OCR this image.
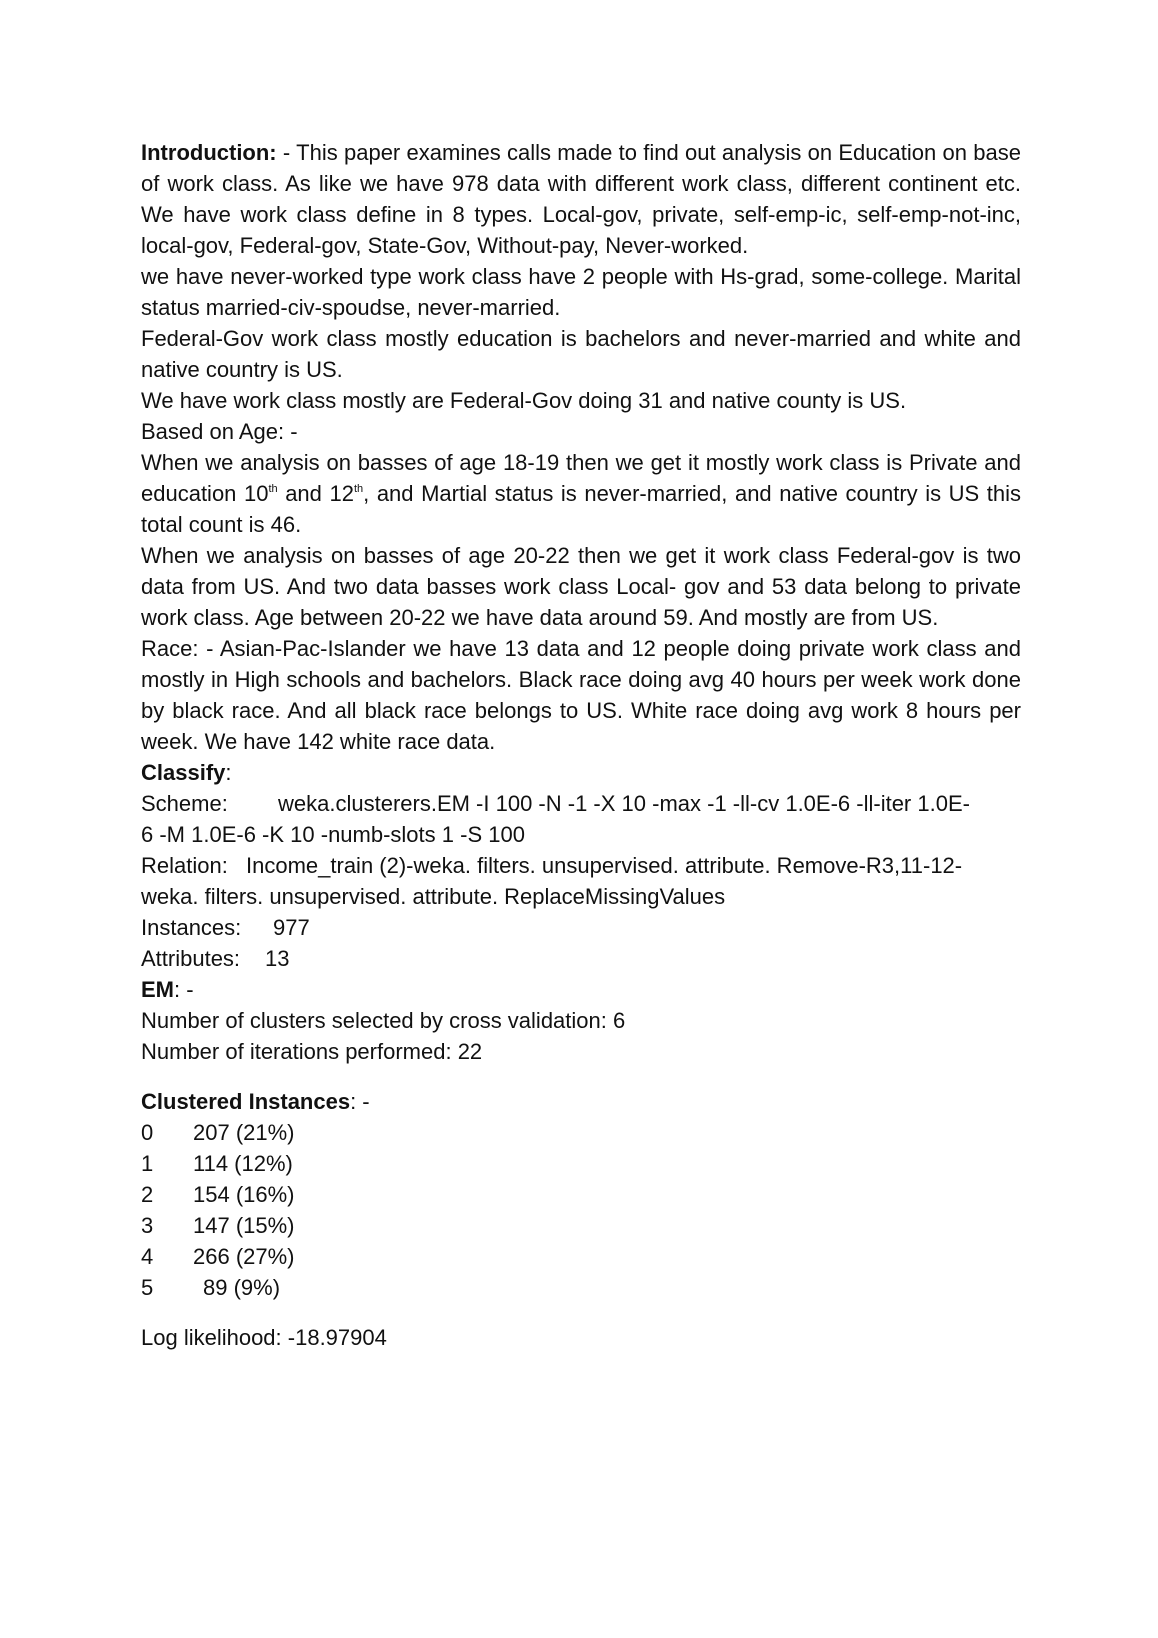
Introduction: - This paper examines calls made to find out analysis on Education on base of work class. As like we have 978 data with different work class, different continent etc. We have work class define in 8 types. Local-gov, private, self-emp-ic, self-emp-not-inc, local-gov, Federal-gov, State-Gov, Without-pay, Never-worked.

we have never-worked type work class have 2 people with Hs-grad, some-college. Marital status married-civ-spoudse, never-married.

Federal-Gov work class mostly education is bachelors and never-married and white and native country is US.

We have work class mostly are Federal-Gov doing 31 and native county is US.

Based on Age: -

When we analysis on basses of age 18-19 then we get it mostly work class is Private and education 10th and 12th, and Martial status is never-married, and native country is US this total count is 46.

When we analysis on basses of age 20-22 then we get it work class Federal-gov is two data from US. And two data basses work class Local- gov and 53 data belong to private work class. Age between 20-22 we have data around 59. And mostly are from US.

Race: - Asian-Pac-Islander we have 13 data and 12 people doing private work class and mostly in High schools and bachelors. Black race doing avg 40 hours per week work done by black race. And all black race belongs to US. White race doing avg work 8 hours per week. We have 142 white race data.

Classify:

Scheme: weka.clusterers.EM -I 100 -N -1 -X 10 -max -1 -ll-cv 1.0E-6 -ll-iter 1.0E-

6 -M 1.0E-6 -K 10 -numb-slots 1 -S 100

Relation: Income_train (2)-weka. filters. unsupervised. attribute. Remove-R3,11-12-

weka. filters. unsupervised. attribute. ReplaceMissingValues

Instances: 977

Attributes: 13

EM: -

Number of clusters selected by cross validation: 6

Number of iterations performed: 22

Clustered Instances: -

0 207 (21%)

1 114 (12%)

2 154 (16%)

3 147 (15%)

4 266 (27%)

5 89 (9%)

Log likelihood: -18.97904
